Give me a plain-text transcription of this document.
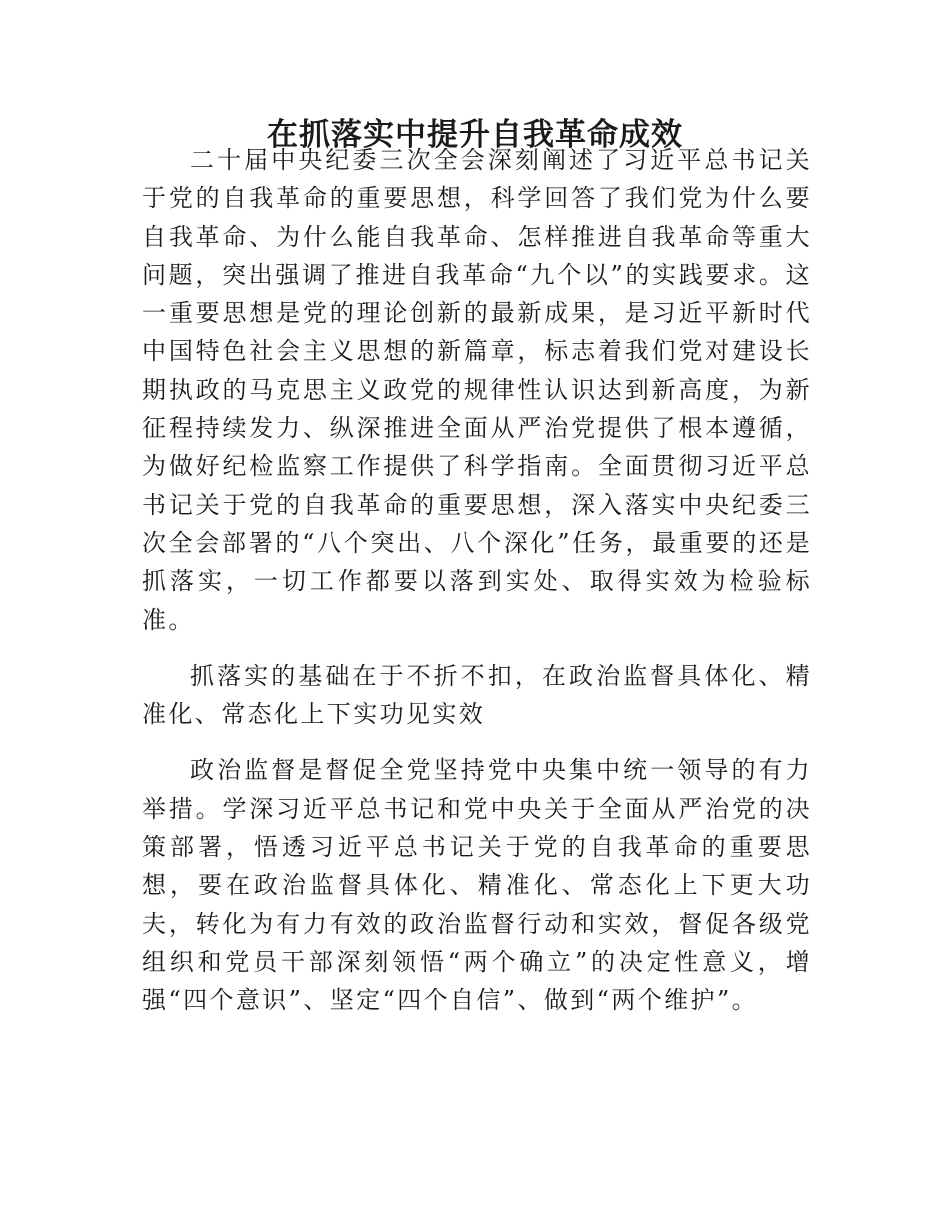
在抓落实中提升自我革命成效

二十届中央纪委三次全会深刻阐述了习近平总书记关于党的自我革命的重要思想，科学回答了我们党为什么要自我革命、为什么能自我革命、怎样推进自我革命等重大问题，突出强调了推进自我革命“九个以”的实践要求。这一重要思想是党的理论创新的最新成果，是习近平新时代中国特色社会主义思想的新篇章，标志着我们党对建设长期执政的马克思主义政党的规律性认识达到新高度，为新征程持续发力、纵深推进全面从严治党提供了根本遵循，为做好纪检监察工作提供了科学指南。全面贯彻习近平总书记关于党的自我革命的重要思想，深入落实中央纪委三次全会部署的“八个突出、八个深化”任务，最重要的还是抓落实，一切工作都要以落到实处、取得实效为检验标准。

抓落实的基础在于不折不扣，在政治监督具体化、精准化、常态化上下实功见实效

政治监督是督促全党坚持党中央集中统一领导的有力举措。学深习近平总书记和党中央关于全面从严治党的决策部署，悟透习近平总书记关于党的自我革命的重要思想，要在政治监督具体化、精准化、常态化上下更大功夫，转化为有力有效的政治监督行动和实效，督促各级党组织和党员干部深刻领悟“两个确立”的决定性意义，增强“四个意识”、坚定“四个自信”、做到“两个维护”。
